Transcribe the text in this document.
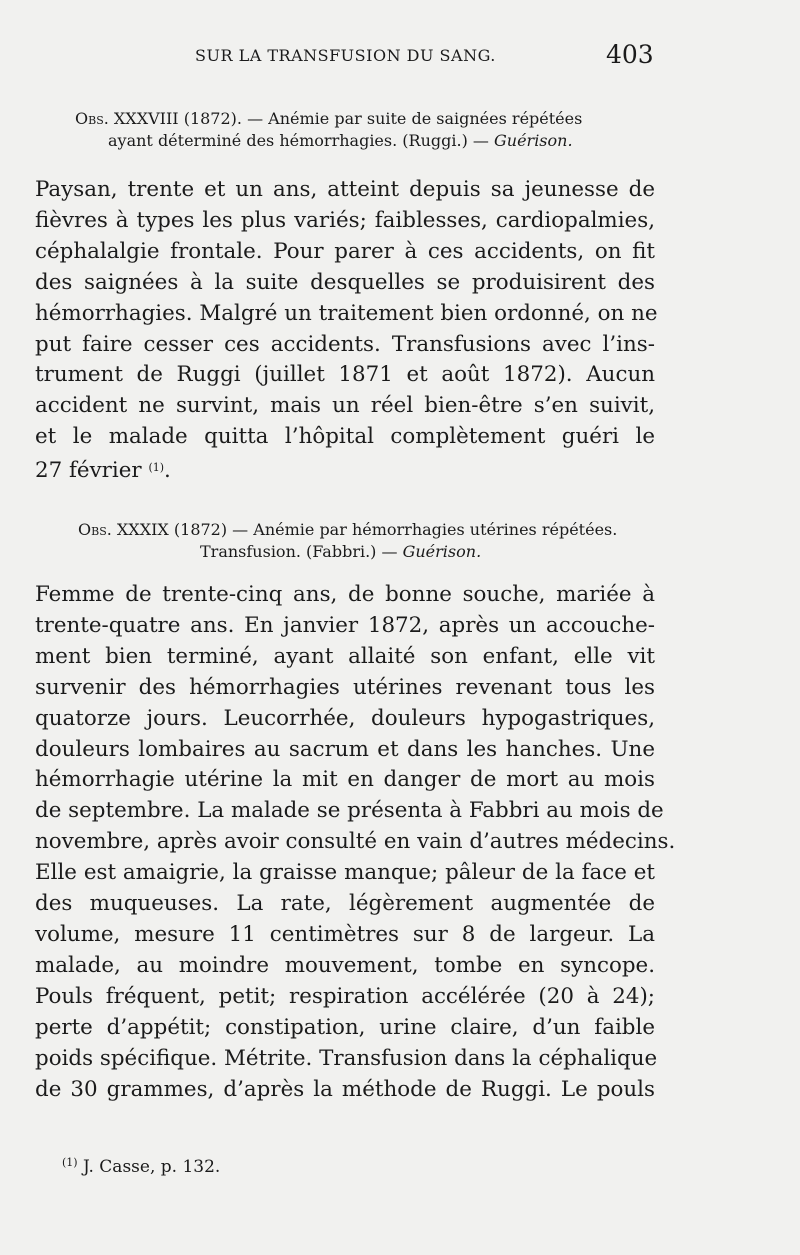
SUR LA TRANSFUSION DU SANG.	403
Obs. XXXVIII (1872). — Anémie par suite de saignées répétées
ayant déterminé des hémorrhagies. (Ruggi.) — Guérison.
Paysan, trente et un ans, atteint depuis sa jeunesse de
fièvres à types les plus variés; faiblesses, cardiopalmies,
céphalalgie frontale. Pour parer à ces accidents, on fit
des saignées à la suite desquelles se produisirent des
hémorrhagies. Malgré un traitement bien ordonné, on ne
put faire cesser ces accidents. Transfusions avec l’ins-
trument de Ruggi (juillet 1871 et août 1872). Aucun
accident ne survint, mais un réel bien-être s’en suivit,
et le malade quitta l’hôpital complètement guéri le
27 février $^{(1)}$.
Obs. XXXIX (1872) — Anémie par hémorrhagies utérines répétées.
Transfusion. (Fabbri.) — Guérison.
Femme de trente-cinq ans, de bonne souche, mariée à
trente-quatre ans. En janvier 1872, après un accouche-
ment bien terminé, ayant allaité son enfant, elle vit
survenir des hémorrhagies utérines revenant tous les
quatorze jours. Leucorrhée, douleurs hypogastriques,
douleurs lombaires au sacrum et dans les hanches. Une
hémorrhagie utérine la mit en danger de mort au mois
de septembre. La malade se présenta à Fabbri au mois de
novembre, après avoir consulté en vain d’autres médecins.
Elle est amaigrie, la graisse manque; pâleur de la face et
des muqueuses. La rate, légèrement augmentée de
volume, mesure 11 centimètres sur 8 de largeur. La
malade, au moindre mouvement, tombe en syncope.
Pouls fréquent, petit; respiration accélérée (20 à 24);
perte d’appétit; constipation, urine claire, d’un faible
poids spécifique. Métrite. Transfusion dans la céphalique
de 30 grammes, d’après la méthode de Ruggi. Le pouls
$^{(1)}$ J. Casse, p. 132.
